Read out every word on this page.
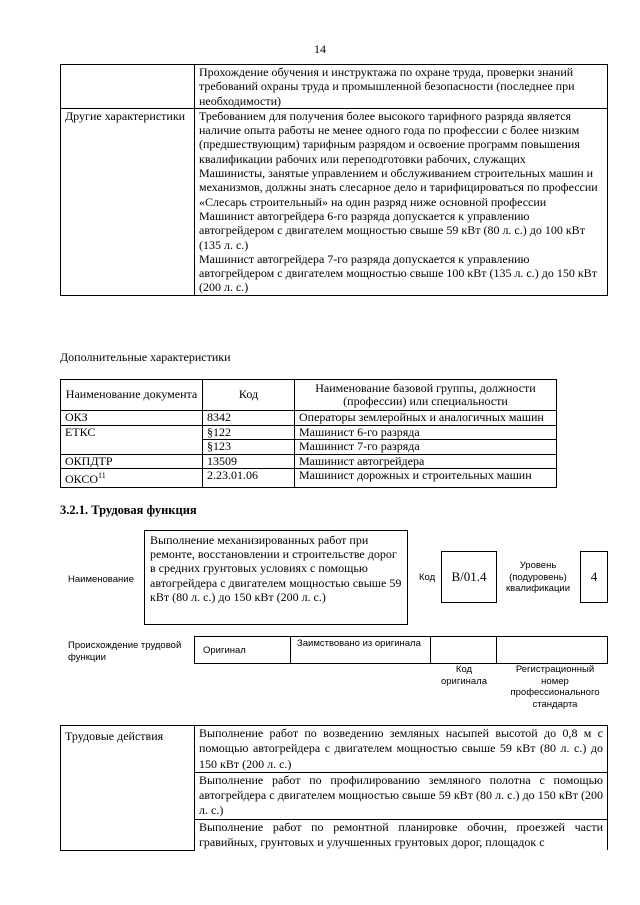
14
	Прохождение обучения и инструктажа по охране труда, проверки знаний требований охраны труда и промышленной безопасности (последнее при необходимости)
Другие характеристики	Требованием для получения более высокого тарифного разряда является наличие опыта работы не менее одного года по профессии с более низким (предшествующим) тарифным разрядом и освоение программ повышения квалификации рабочих или переподготовки рабочих, служащих

Машинисты, занятые управлением и обслуживанием строительных машин и механизмов, должны знать слесарное дело и тарифицироваться по профессии «Слесарь строительный» на один разряд ниже основной профессии

Машинист автогрейдера 6-го разряда допускается к управлению автогрейдером с двигателем мощностью свыше 59 кВт (80 л. с.) до 100 кВт (135 л. с.)

Машинист автогрейдера 7-го разряда допускается к управлению автогрейдером с двигателем мощностью свыше 100 кВт (135 л. с.) до 150 кВт (200 л. с.)

Дополнительные характеристики
Наименование документа	Код	Наименование базовой группы, должности (профессии) или специальности
ОКЗ	8342	Операторы землеройных и аналогичных машин
ЕТКС	§122	Машинист 6-го разряда
	§123	Машинист 7-го разряда
ОКПДТР	13509	Машинист автогрейдера
ОКСО$^{11}$	2.23.01.06	Машинист дорожных и строительных машин
3.2.1. Трудовая функция
Наименование
Выполнение механизированных работ при ремонте, восстановлении и строительстве дорог в средних грунтовых условиях с помощью автогрейдера с двигателем мощностью свыше 59 кВт (80 л. с.) до 150 кВт (200 л. с.)
Код	B/01.4
Уровень (подуровень) квалификации
4
Происхождение трудовой функции
Оригинал
Заимствовано из оригинала
Код оригинала
Регистрационный номер профессионального стандарта
Трудовые действия	Выполнение работ по возведению земляных насыпей высотой до 0,8 м с помощью автогрейдера с двигателем мощностью свыше 59 кВт (80 л. с.) до 150 кВт (200 л. с.)
Выполнение работ по профилированию земляного полотна с помощью автогрейдера с двигателем мощностью свыше 59 кВт (80 л. с.) до 150 кВт (200 л. с.)
Выполнение работ по ремонтной планировке обочин, проезжей части гравийных, грунтовых и улучшенных грунтовых дорог, площадок с
